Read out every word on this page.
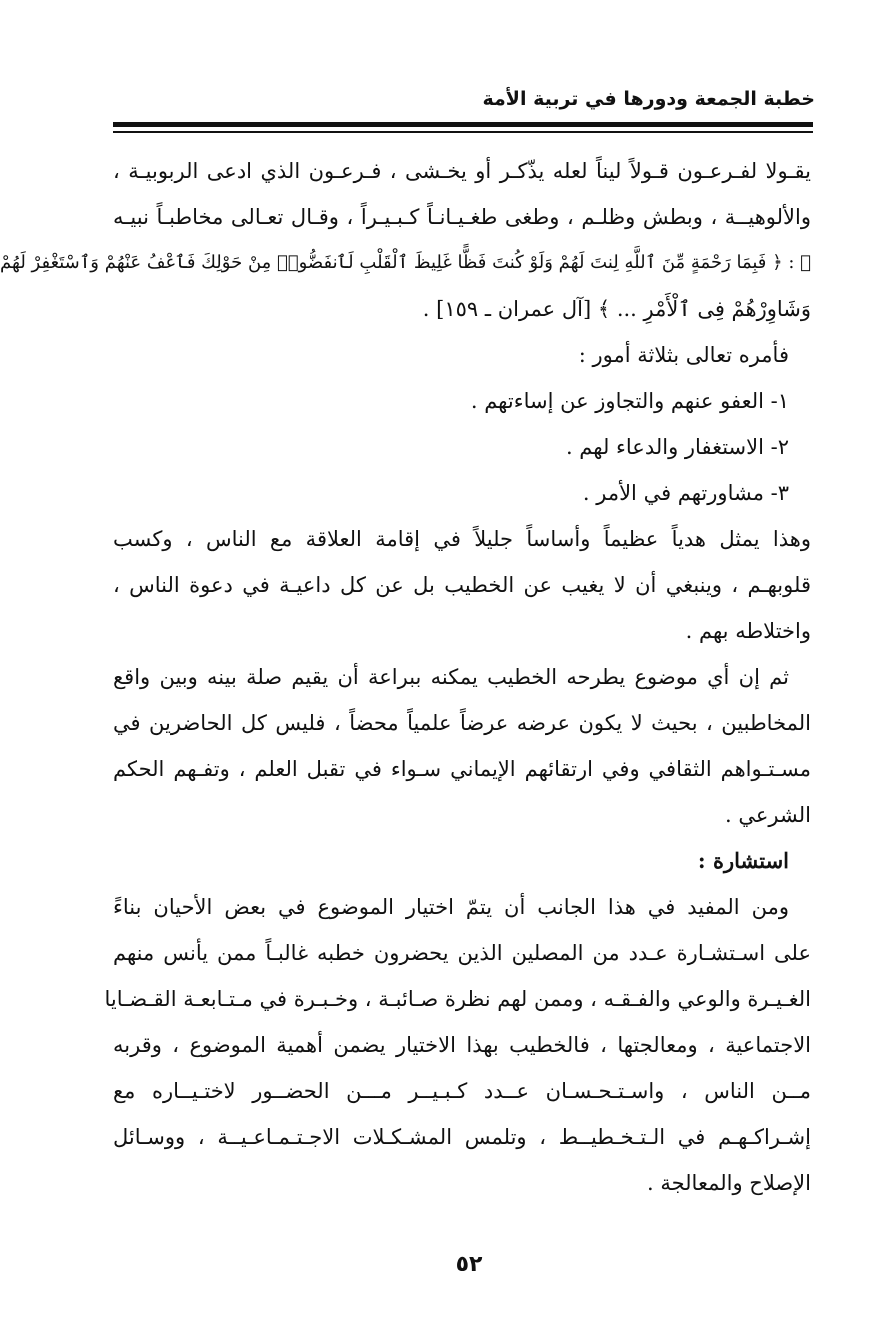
خطبة الجمعة ودورها في تربية الأمة
يقـولا لفـرعـون قـولاً ليناً لعله يذّكـر أو يخـشى ، فـرعـون الذي ادعى الربوبيـة ،
والألوهيــة ، وبطش وظلـم ، وطغى طغـيـانـاً كـبـيـراً ، وقـال تعـالى مخاطبـاً نبيـه
ﷺ : ﴿ فَبِمَا رَحْمَةٍ مِّنَ ٱللَّهِ لِنتَ لَهُمْ وَلَوْ كُنتَ فَظًّا غَلِيظَ ٱلْقَلْبِ لَٱنفَضُّوا۟ مِنْ حَوْلِكَ فَٱعْفُ عَنْهُمْ وَٱسْتَغْفِرْ لَهُمْ
وَشَاوِرْهُمْ فِى ٱلْأَمْرِ ... ﴾ [آل عمران ـ ١٥٩] .
فأمره تعالى بثلاثة أمور :
١- العفو عنهم والتجاوز عن إساءتهم .
٢- الاستغفار والدعاء لهم .
٣- مشاورتهم في الأمر .
وهذا يمثل هدياً عظيماً وأساساً جليلاً في إقامة العلاقة مع الناس ، وكسب
قلوبهـم ، وينبغي أن لا يغيب عن الخطيب بل عن كل داعيـة في دعوة الناس ،
واختلاطه بهم .
ثم إن أي موضوع يطرحه الخطيب يمكنه ببراعة أن يقيم صلة بينه وبين واقع
المخاطبين ، بحيث لا يكون عرضه عرضاً علمياً محضاً ، فليس كل الحاضرين في
مسـتـواهم الثقافي وفي ارتقائهم الإيماني سـواء في تقبل العلم ، وتفـهم الحكم
الشرعي .
استشارة :
ومن المفيد في هذا الجانب أن يتمّ اختيار الموضوع في بعض الأحيان بناءً
على اسـتشـارة عـدد من المصلين الذين يحضرون خطبه غالبـاً ممن يأنس منهم
الغـيـرة والوعي والفـقـه ، وممن لهم نظرة صـائبـة ، وخـبـرة في مـتـابعـة القـضـايا
الاجتماعية ، ومعالجتها ، فالخطيب بهذا الاختيار يضمن أهمية الموضوع ، وقربه
مــن الناس ، واسـتـحـسـان عــدد كـبـيــر مـــن الحضــور لاختـيــاره مع
إشـراكـهـم في الـتـخـطيــط ، وتلمس المشـكـلات الاجـتـمـاعـيــة ، ووسـائل
الإصلاح والمعالجة .
٥٢
